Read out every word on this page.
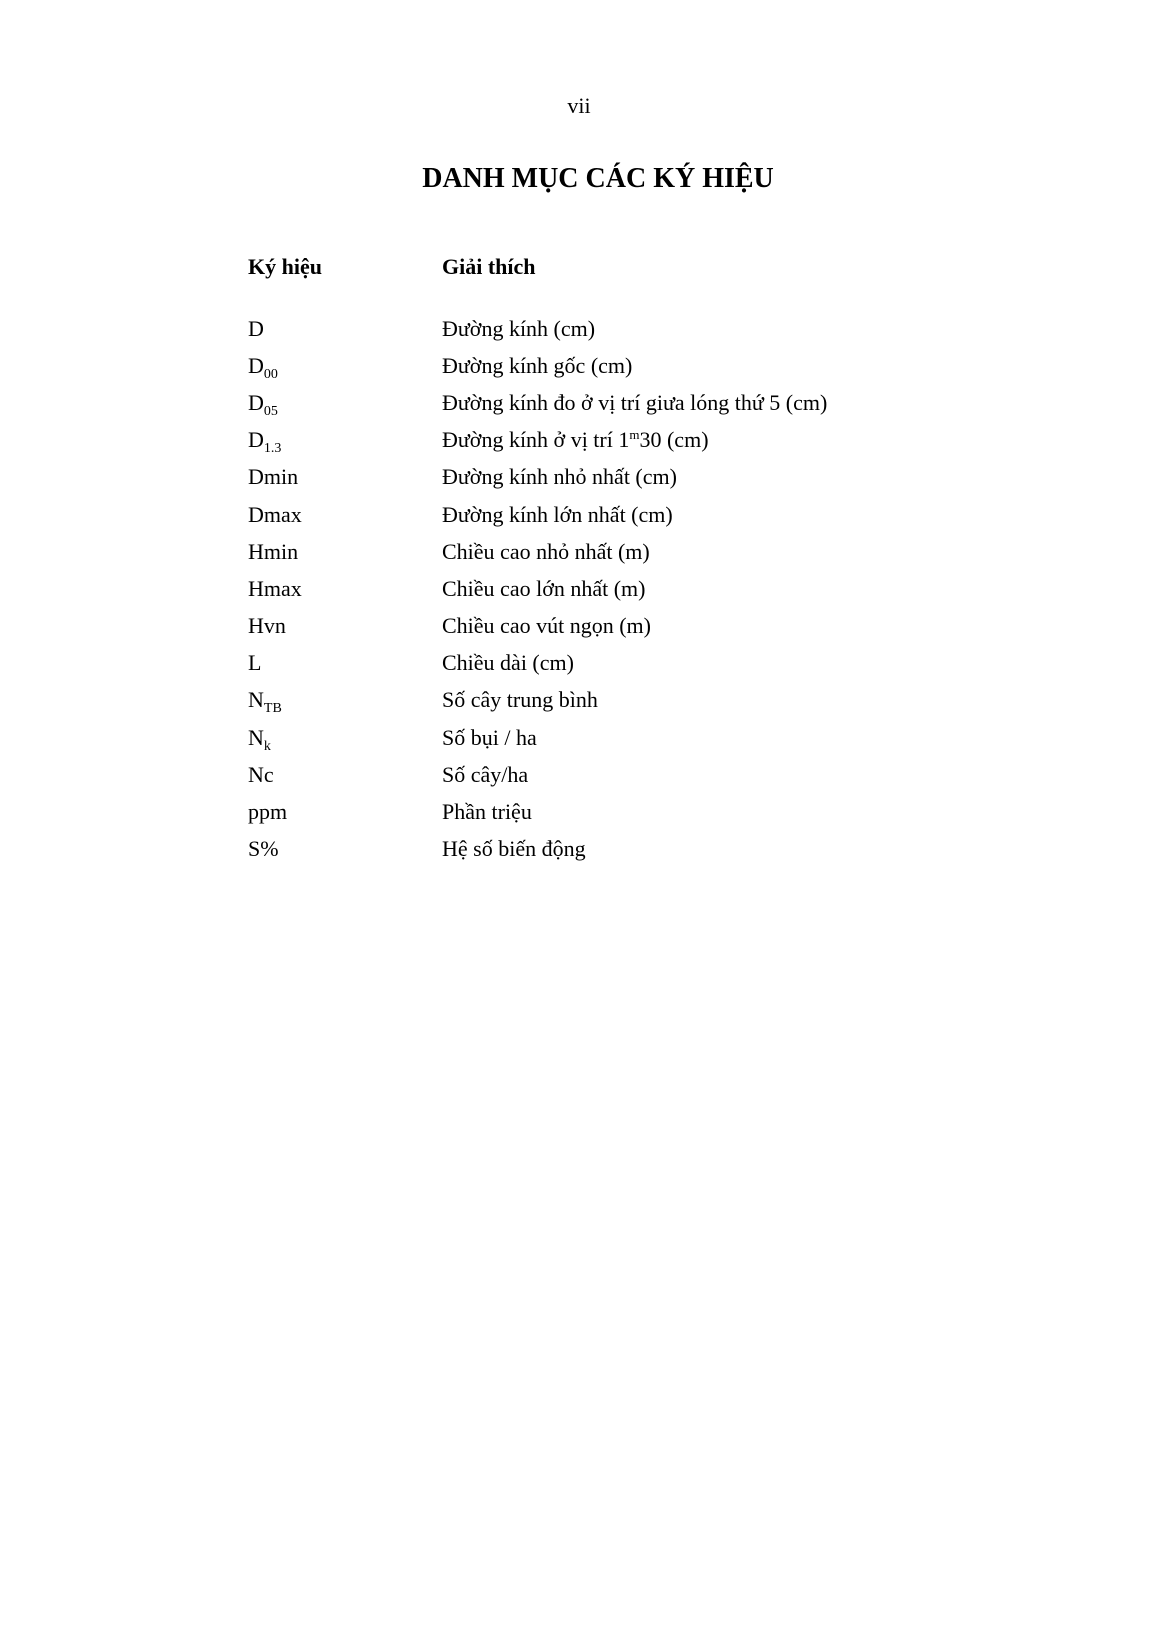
vii
DANH MỤC CÁC KÝ HIỆU
Ký hiệu	Giải thích
D	Đường kính (cm)
$D_{00}$	Đường kính gốc (cm)
$D_{05}$	Đường kính đo ở vị trí giưa lóng thứ 5 (cm)
$D_{1.3}$	Đường kính ở vị trí 1$^m$30 (cm)
Dmin	Đường kính nhỏ nhất (cm)
Dmax	Đường kính lớn nhất (cm)
Hmin	Chiều cao nhỏ nhất (m)
Hmax	Chiều cao lớn nhất (m)
Hvn	Chiều cao vút ngọn (m)
L	Chiều dài (cm)
$N_{TB}$	Số cây trung bình
$N_k$	Số bụi / ha
Nc	Số cây/ha
ppm	Phần triệu
S%	Hệ số biến động
